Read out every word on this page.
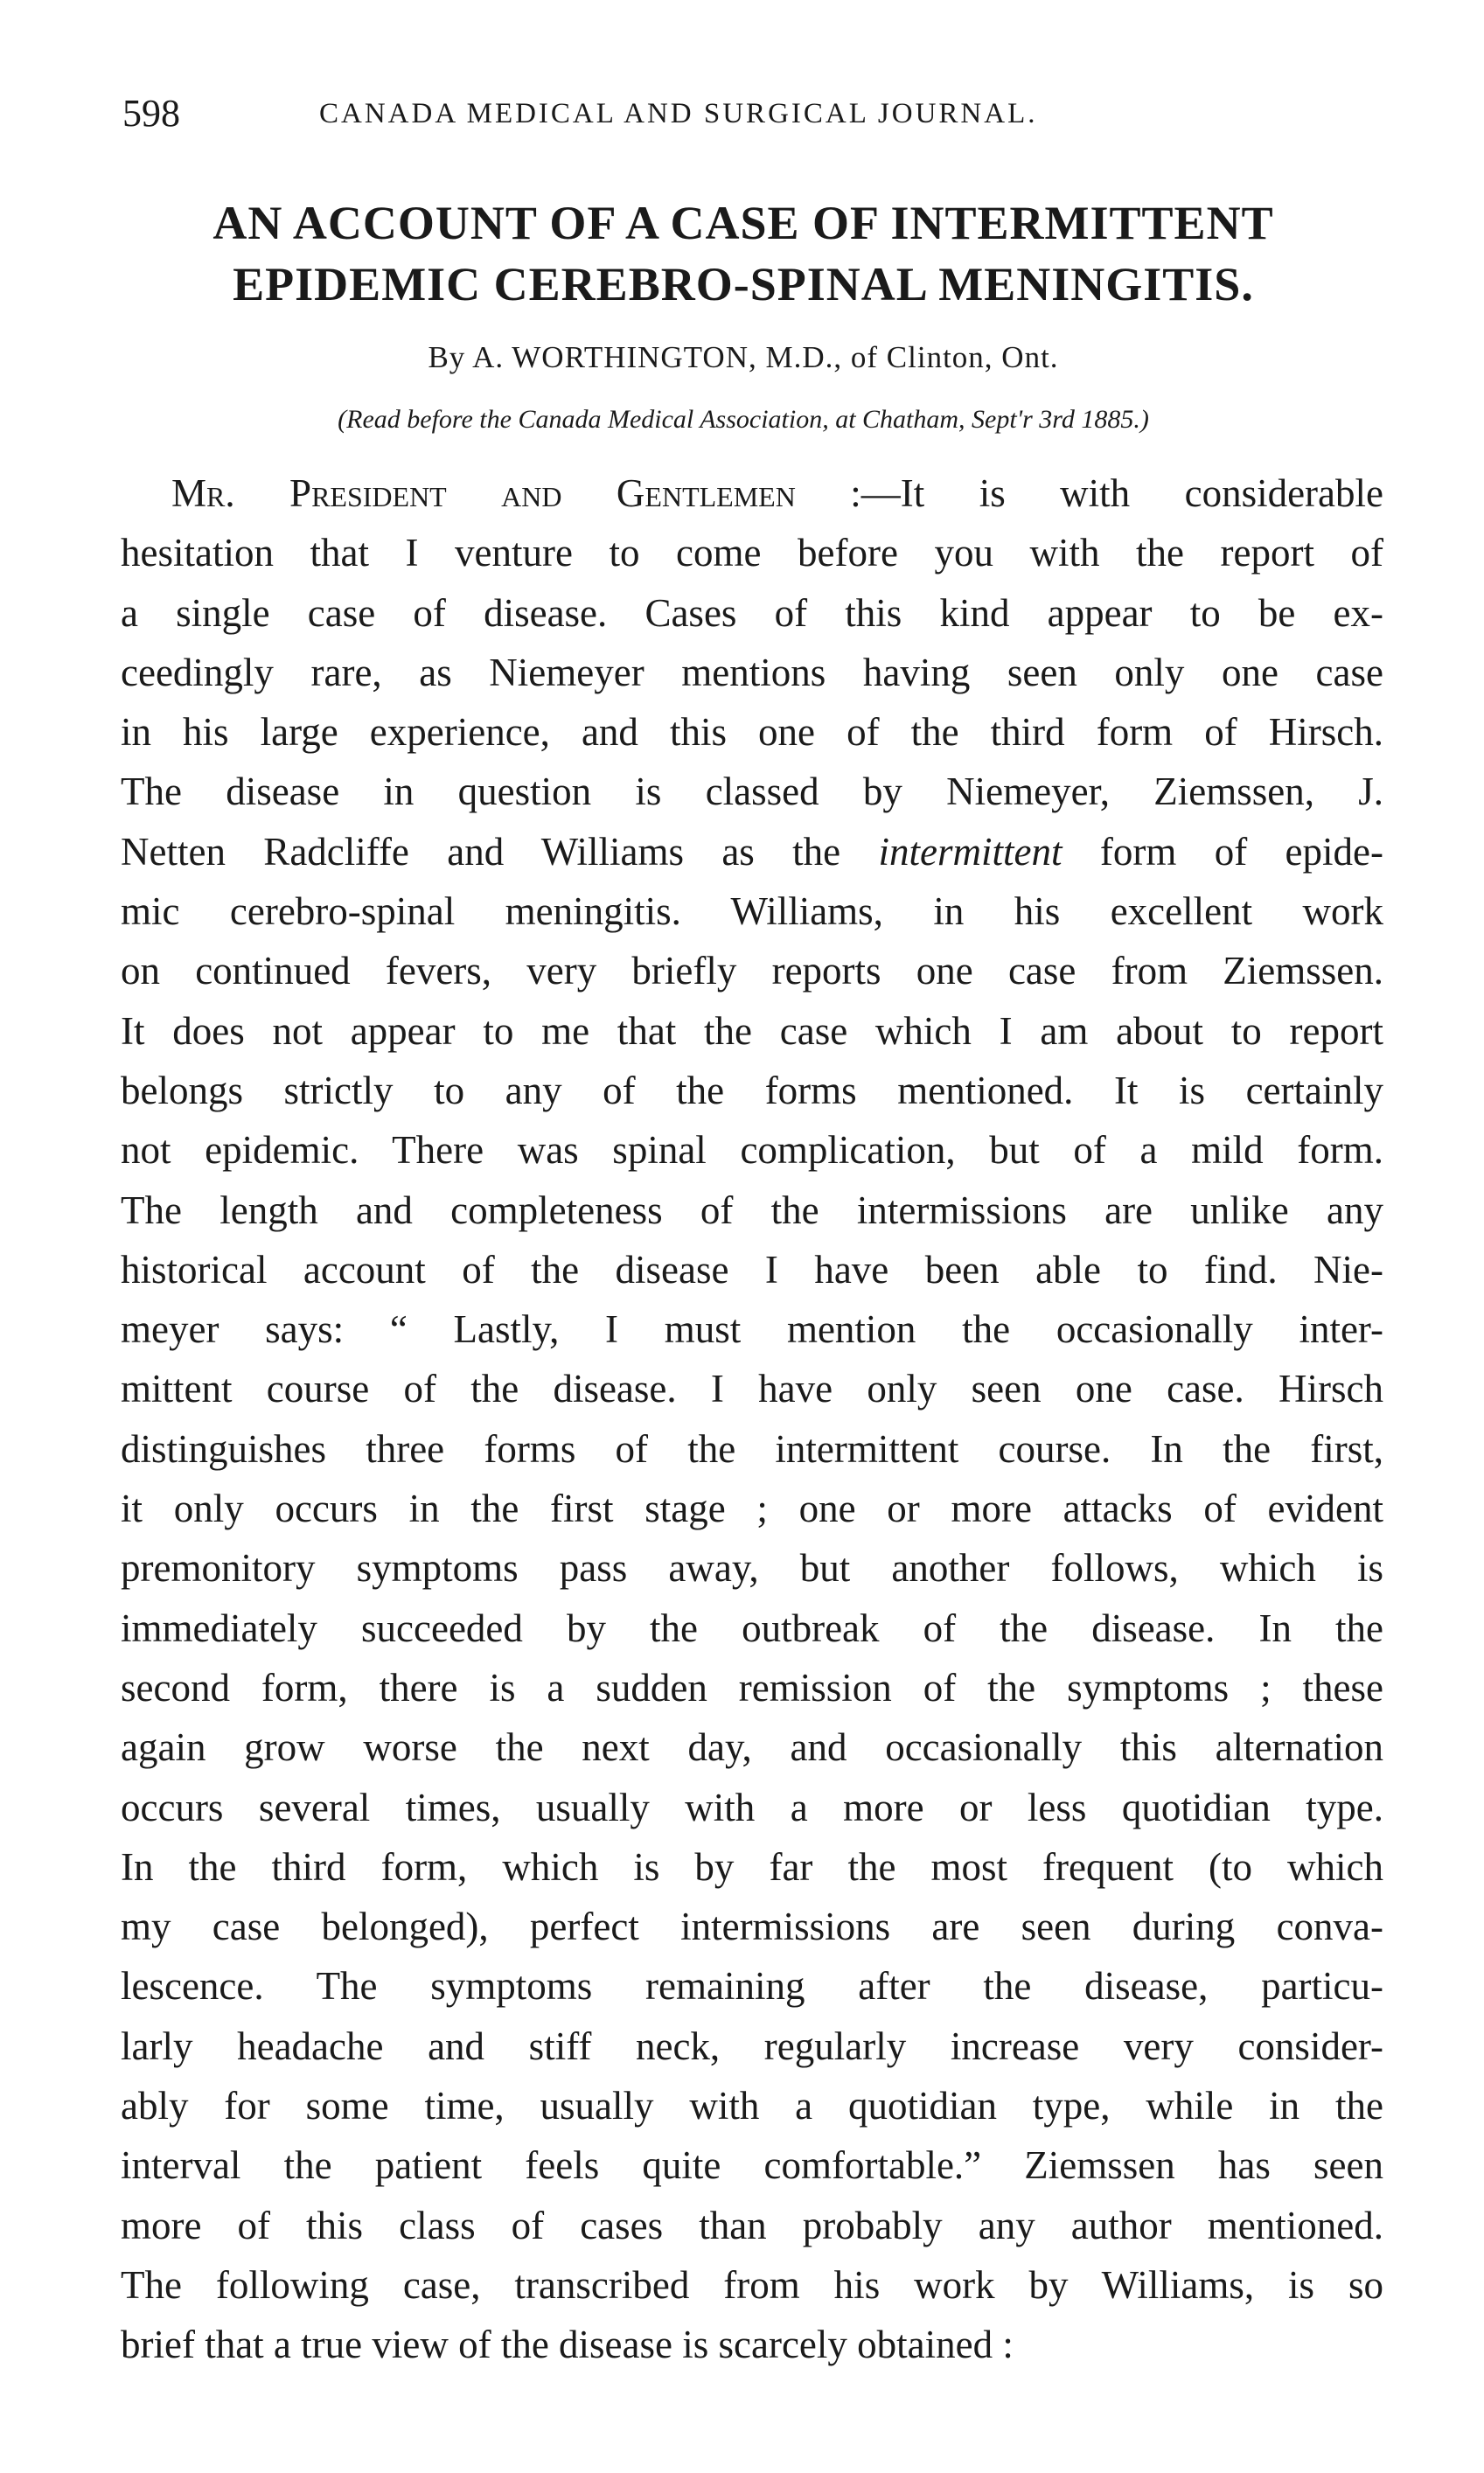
598	CANADA MEDICAL AND SURGICAL JOURNAL.
AN ACCOUNT OF A CASE OF INTERMITTENT
EPIDEMIC CEREBRO-SPINAL MENINGITIS.
By A. WORTHINGTON, M.D., of Clinton, Ont.
(Read before the Canada Medical Association, at Chatham, Sept'r 3rd 1885.)
Mr. President and Gentlemen :—It is with considerable
hesitation that I venture to come before you with the report of
a single case of disease. Cases of this kind appear to be ex-
ceedingly rare, as Niemeyer mentions having seen only one case
in his large experience, and this one of the third form of Hirsch.
The disease in question is classed by Niemeyer, Ziemssen, J.
Netten Radcliffe and Williams as the intermittent form of epide-
mic cerebro-spinal meningitis. Williams, in his excellent work
on continued fevers, very briefly reports one case from Ziemssen.
It does not appear to me that the case which I am about to report
belongs strictly to any of the forms mentioned. It is certainly
not epidemic. There was spinal complication, but of a mild form.
The length and completeness of the intermissions are unlike any
historical account of the disease I have been able to find. Nie-
meyer says: “ Lastly, I must mention the occasionally inter-
mittent course of the disease. I have only seen one case. Hirsch
distinguishes three forms of the intermittent course. In the first,
it only occurs in the first stage ; one or more attacks of evident
premonitory symptoms pass away, but another follows, which is
immediately succeeded by the outbreak of the disease. In the
second form, there is a sudden remission of the symptoms ; these
again grow worse the next day, and occasionally this alternation
occurs several times, usually with a more or less quotidian type.
In the third form, which is by far the most frequent (to which
my case belonged), perfect intermissions are seen during conva-
lescence. The symptoms remaining after the disease, particu-
larly headache and stiff neck, regularly increase very consider-
ably for some time, usually with a quotidian type, while in the
interval the patient feels quite comfortable.” Ziemssen has seen
more of this class of cases than probably any author mentioned.
The following case, transcribed from his work by Williams, is so
brief that a true view of the disease is scarcely obtained :
